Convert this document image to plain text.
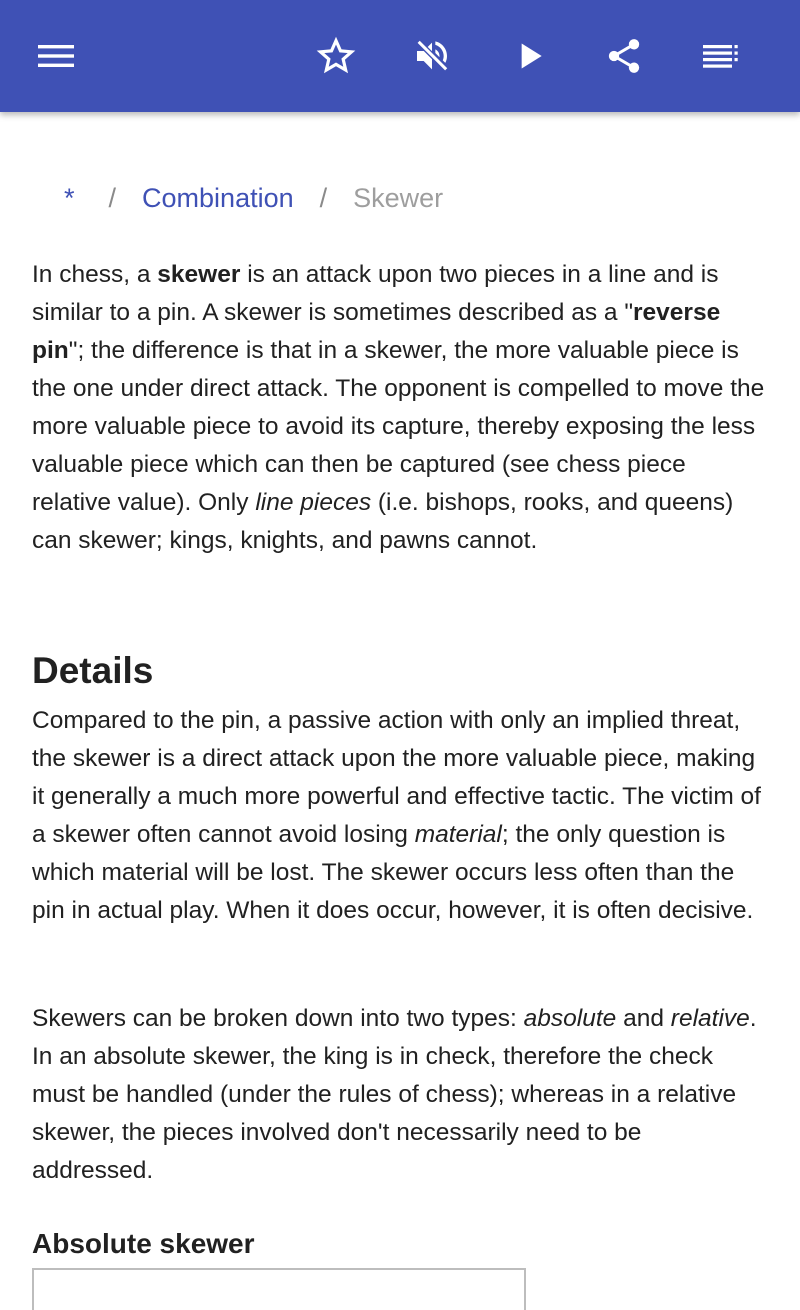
* / Combination / Skewer

In chess, a skewer is an attack upon two pieces in a line and is similar to a pin. A skewer is sometimes described as a "reverse pin"; the difference is that in a skewer, the more valuable piece is the one under direct attack. The opponent is compelled to move the more valuable piece to avoid its capture, thereby exposing the less valuable piece which can then be captured (see chess piece relative value). Only line pieces (i.e. bishops, rooks, and queens) can skewer; kings, knights, and pawns cannot.

Details

Compared to the pin, a passive action with only an implied threat, the skewer is a direct attack upon the more valuable piece, making it generally a much more powerful and effective tactic. The victim of a skewer often cannot avoid losing material; the only question is which material will be lost. The skewer occurs less often than the pin in actual play. When it does occur, however, it is often decisive.

Skewers can be broken down into two types: absolute and relative. In an absolute skewer, the king is in check, therefore the check must be handled (under the rules of chess); whereas in a relative skewer, the pieces involved don't necessarily need to be addressed.

Absolute skewer
